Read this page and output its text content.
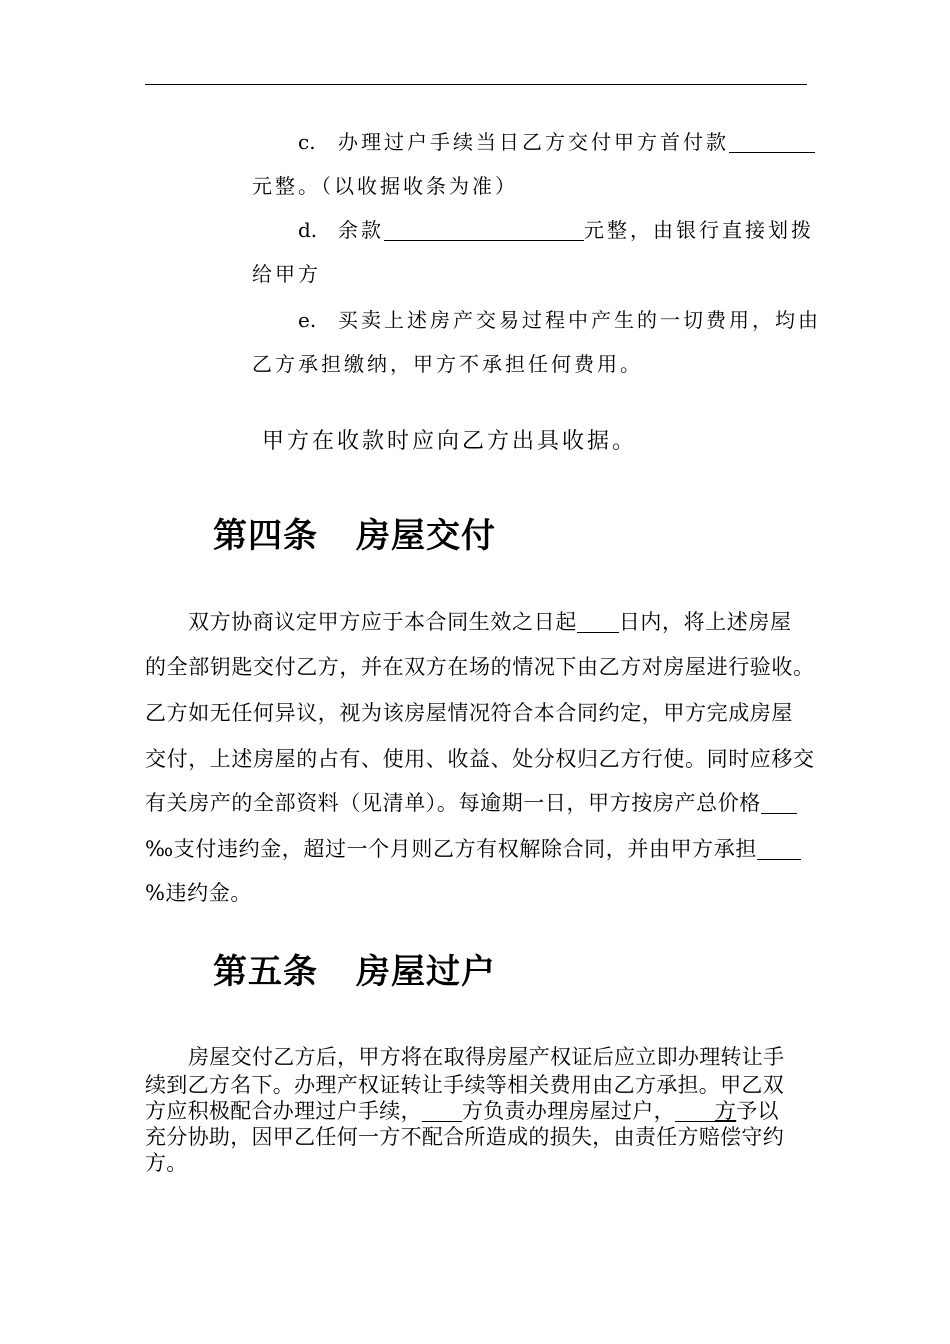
c. 办理过户手续当日乙方交付甲方首付款
元整。（以收据收条为准）
d. 余款	元整，由银行直接划拨
给甲方
e. 买卖上述房产交易过程中产生的一切费用，均由
乙方承担缴纳，甲方不承担任何费用。
甲方在收款时应向乙方出具收据。
第四条 房屋交付
双方协商议定甲方应于本合同生效之日起 日内，将上述房屋
的全部钥匙交付乙方，并在双方在场的情况下由乙方对房屋进行验收。
乙方如无任何异议，视为该房屋情况符合本合同约定，甲方完成房屋
交付，上述房屋的占有、使用、收益、处分权归乙方行使。同时应移交
有关房产的全部资料（见清单）。每逾期一日，甲方按房产总价格
‰支付违约金，超过一个月则乙方有权解除合同，并由甲方承担
%违约金。
第五条 房屋过户
房屋交付乙方后，甲方将在取得房屋产权证后应立即办理转让手
续到乙方名下。办理产权证转让手续等相关费用由乙方承担。甲乙双
方应积极配合办理过户手续， 方负责办理房屋过户， 方予以
充分协助，因甲乙任何一方不配合所造成的损失，由责任方赔偿守约
方。
